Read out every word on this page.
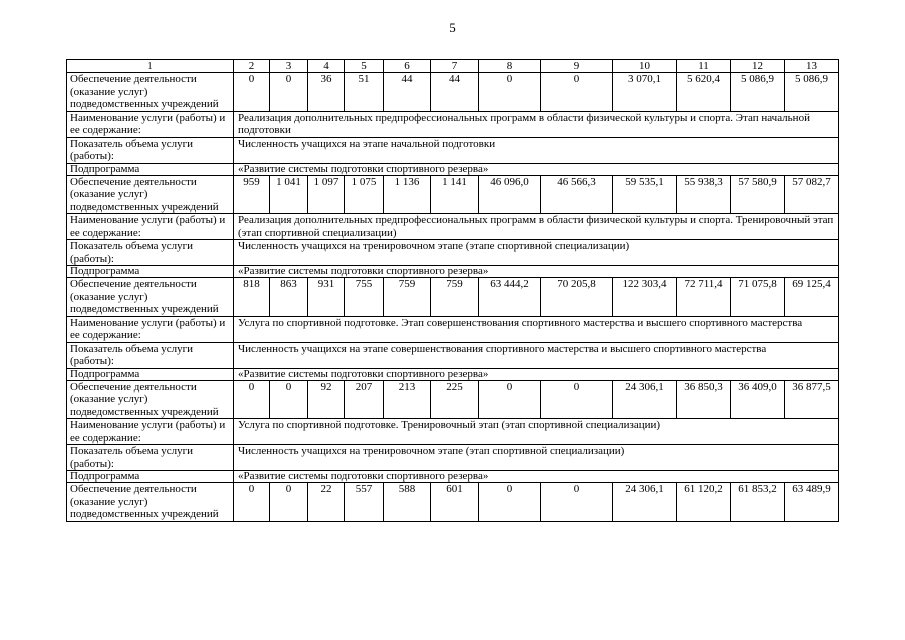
5
1	2	3	4	5	6	7	8	9	10	11	12	13
Обеспечение деятельности (оказание услуг) подведомственных учреждений	0	0	36	51	44	44	0	0	3 070,1	5 620,4	5 086,9	5 086,9
Наименование услуги (работы) и ее содержание:	Реализация дополнительных предпрофессиональных программ в области физической культуры и спорта. Этап начальной подготовки											
Показатель объема услуги (работы):	Численность учащихся на этапе начальной подготовки											
Подпрограмма	«Развитие системы подготовки спортивного резерва»											
Обеспечение деятельности (оказание услуг) подведомственных учреждений	959	1 041	1 097	1 075	1 136	1 141	46 096,0	46 566,3	59 535,1	55 938,3	57 580,9	57 082,7
Наименование услуги (работы) и ее содержание:	Реализация дополнительных предпрофессиональных программ в области физической культуры и спорта. Тренировочный этап (этап спортивной специализации)											
Показатель объема услуги (работы):	Численность учащихся на тренировочном этапе (этапе спортивной специализации)											
Подпрограмма	«Развитие системы подготовки спортивного резерва»											
Обеспечение деятельности (оказание услуг) подведомственных учреждений	818	863	931	755	759	759	63 444,2	70 205,8	122 303,4	72 711,4	71 075,8	69 125,4
Наименование услуги (работы) и ее содержание:	Услуга по спортивной подготовке. Этап совершенствования спортивного мастерства и высшего спортивного мастерства											
Показатель объема услуги (работы):	Численность учащихся на этапе совершенствования спортивного мастерства и высшего спортивного мастерства											
Подпрограмма	«Развитие системы подготовки спортивного резерва»											
Обеспечение деятельности (оказание услуг) подведомственных учреждений	0	0	92	207	213	225	0	0	24 306,1	36 850,3	36 409,0	36 877,5
Наименование услуги (работы) и ее содержание:	Услуга по спортивной подготовке. Тренировочный этап (этап спортивной специализации)											
Показатель объема услуги (работы):	Численность учащихся на тренировочном этапе (этап спортивной специализации)											
Подпрограмма	«Развитие системы подготовки спортивного резерва»											
Обеспечение деятельности (оказание услуг) подведомственных учреждений	0	0	22	557	588	601	0	0	24 306,1	61 120,2	61 853,2	63 489,9
